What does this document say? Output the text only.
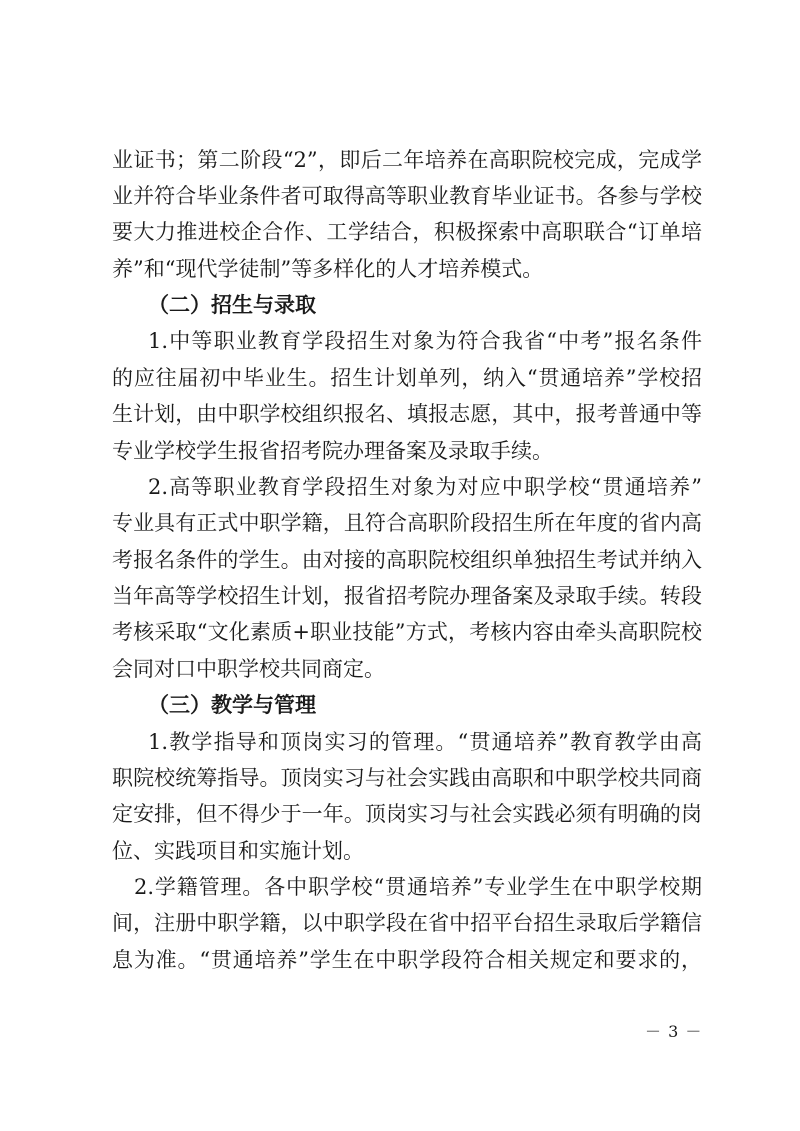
业证书；第二阶段“2”，即后二年培养在高职院校完成，完成学
业并符合毕业条件者可取得高等职业教育毕业证书。各参与学校
要大力推进校企合作、工学结合，积极探索中高职联合“订单培
养”和“现代学徒制”等多样化的人才培养模式。
（二）招生与录取
1.中等职业教育学段招生对象为符合我省“中考”报名条件
的应往届初中毕业生。招生计划单列，纳入“贯通培养”学校招
生计划，由中职学校组织报名、填报志愿，其中，报考普通中等
专业学校学生报省招考院办理备案及录取手续。
2.高等职业教育学段招生对象为对应中职学校“贯通培养”
专业具有正式中职学籍，且符合高职阶段招生所在年度的省内高
考报名条件的学生。由对接的高职院校组织单独招生考试并纳入
当年高等学校招生计划，报省招考院办理备案及录取手续。转段
考核采取“文化素质+职业技能”方式，考核内容由牵头高职院校
会同对口中职学校共同商定。
（三）教学与管理
1.教学指导和顶岗实习的管理。“贯通培养”教育教学由高
职院校统筹指导。顶岗实习与社会实践由高职和中职学校共同商
定安排，但不得少于一年。顶岗实习与社会实践必须有明确的岗
位、实践项目和实施计划。
2.学籍管理。各中职学校“贯通培养”专业学生在中职学校期
间，注册中职学籍，以中职学段在省中招平台招生录取后学籍信
息为准。“贯通培养”学生在中职学段符合相关规定和要求的，
－ 3 －
